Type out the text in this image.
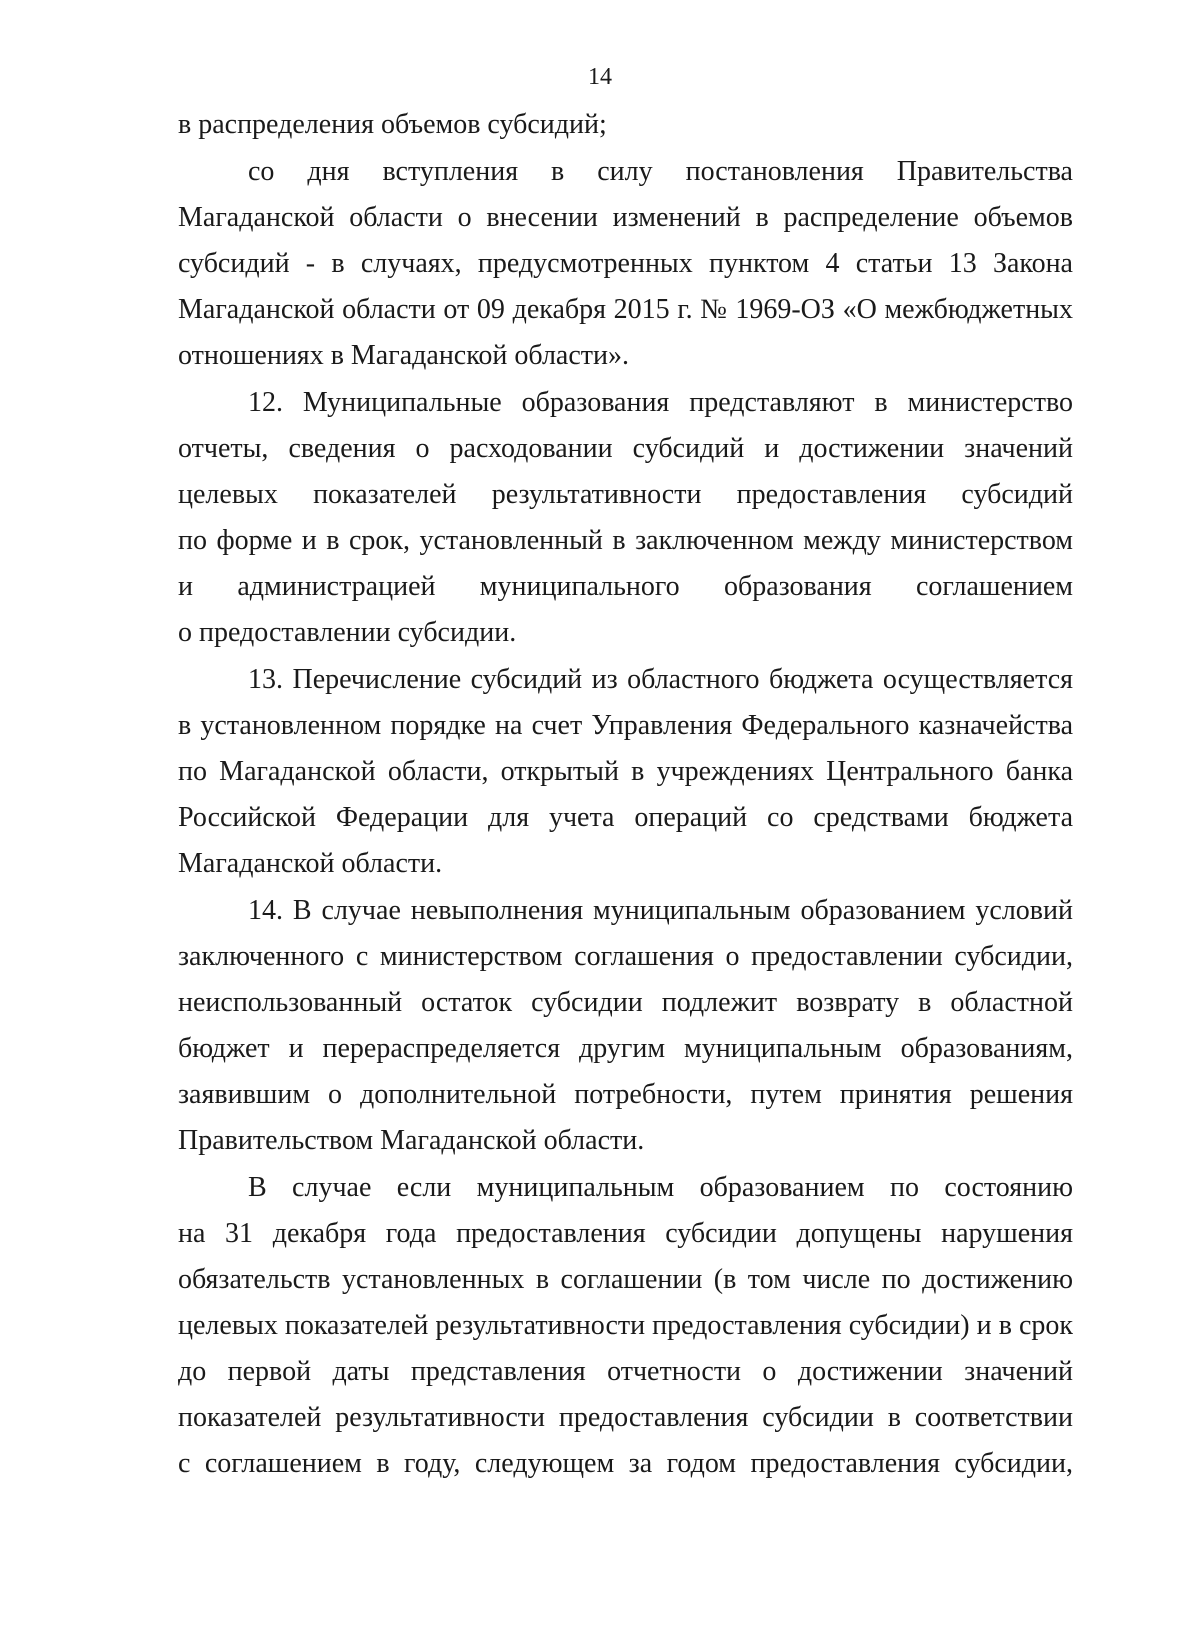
14
в распределения объемов субсидий;
со дня вступления в силу постановления Правительства
Магаданской области о внесении изменений в распределение объемов
субсидий - в случаях, предусмотренных пунктом 4 статьи 13 Закона
Магаданской области от 09 декабря 2015 г. № 1969-ОЗ «О межбюджетных
отношениях в Магаданской области».
12. Муниципальные образования представляют в министерство
отчеты, сведения о расходовании субсидий и достижении значений
целевых показателей результативности предоставления субсидий
по форме и в срок, установленный в заключенном между министерством
и администрацией муниципального образования соглашением
о предоставлении субсидии.
13. Перечисление субсидий из областного бюджета осуществляется
в установленном порядке на счет Управления Федерального казначейства
по Магаданской области, открытый в учреждениях Центрального банка
Российской Федерации для учета операций со средствами бюджета
Магаданской области.
14. В случае невыполнения муниципальным образованием условий
заключенного с министерством соглашения о предоставлении субсидии,
неиспользованный остаток субсидии подлежит возврату в областной
бюджет и перераспределяется другим муниципальным образованиям,
заявившим о дополнительной потребности, путем принятия решения
Правительством Магаданской области.
В случае если муниципальным образованием по состоянию
на 31 декабря года предоставления субсидии допущены нарушения
обязательств установленных в соглашении (в том числе по достижению
целевых показателей результативности предоставления субсидии) и в срок
до первой даты представления отчетности о достижении значений
показателей результативности предоставления субсидии в соответствии
с соглашением в году, следующем за годом предоставления субсидии,
